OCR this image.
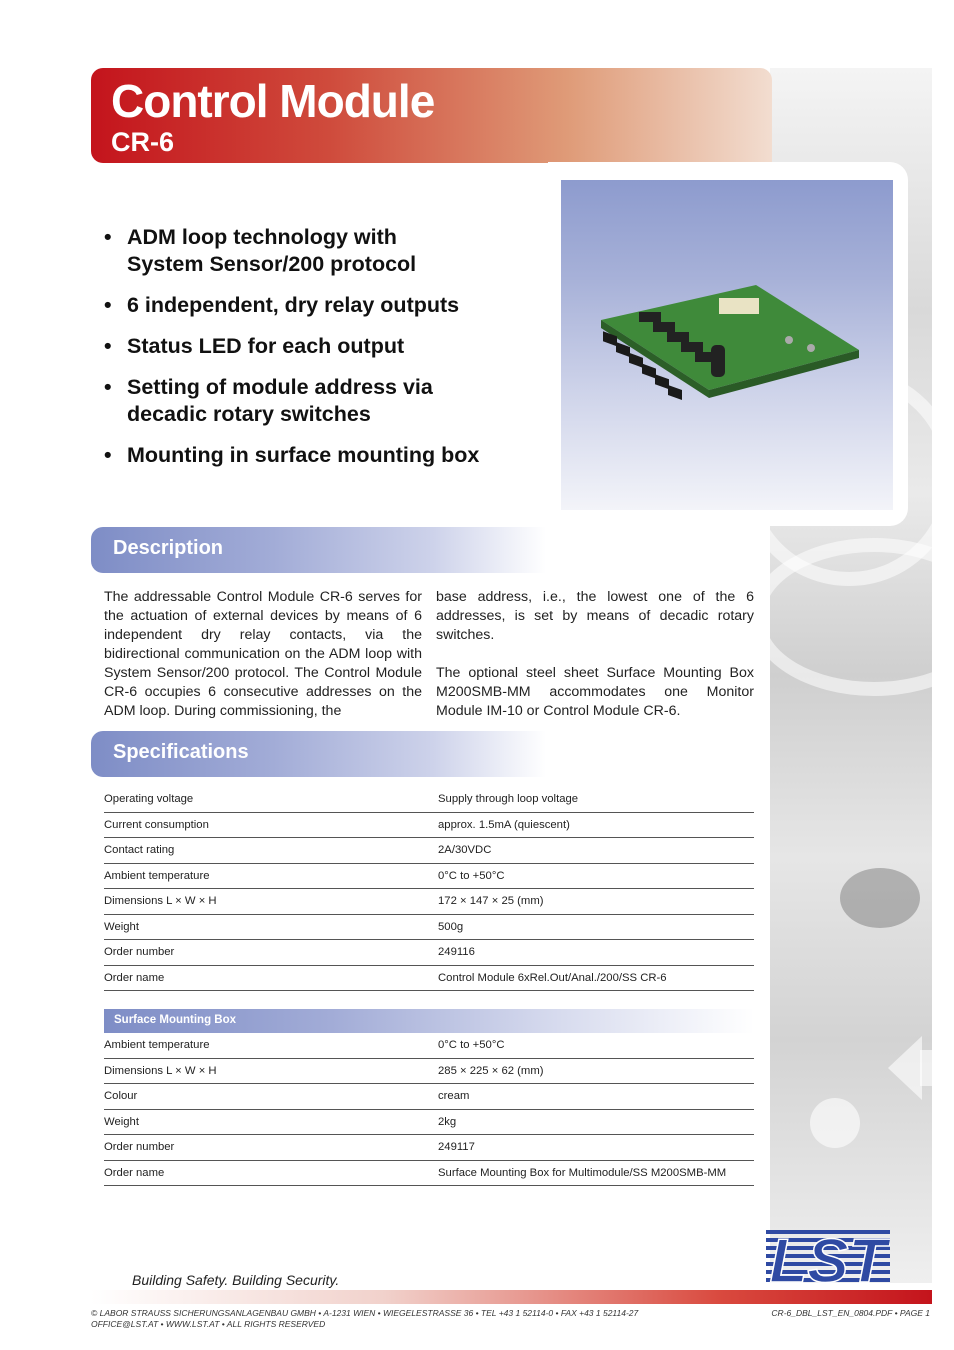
Control Module
CR-6
• ADM loop technology with
System Sensor/200 protocol
• 6 independent, dry relay outputs
• Status LED for each output
• Setting of module address via
decadic rotary switches
• Mounting in surface mounting box
Description

The addressable Control Module CR-6 serves for the actuation of external devices by means of 6 independent dry relay contacts, via the bidirectional communication on the ADM loop with System Sensor/200 protocol. The Control Module CR-6 occupies 6 consecutive addresses on the ADM loop. During commissioning, the

base address, i.e., the lowest one of the 6 addresses, is set by means of decadic rotary switches.

The optional steel sheet Surface Mounting Box M200SMB-MM accommodates one Monitor Module IM-10 or Control Module CR-6.

Specifications
Operating voltage	Supply through loop voltage
Current consumption	approx. 1.5mA (quiescent)
Contact rating	2A/30VDC
Ambient temperature	0°C to +50°C
Dimensions L × W × H	172 × 147 × 25 (mm)
Weight	500g
Order number	249116
Order name	Control Module 6xRel.Out/Anal./200/SS CR-6
Surface Mounting Box
Ambient temperature	0°C to +50°C
Dimensions L × W × H	285 × 225 × 62 (mm)
Colour	cream
Weight	2kg
Order number	249117
Order name	Surface Mounting Box for Multimodule/SS M200SMB-MM
Building Safety. Building Security.	LST
© LABOR STRAUSS SICHERUNGSANLAGENBAU GMBH • A-1231 WIEN • WIEGELESTRASSE 36 • TEL +43 1 52114-0 • FAX +43 1 52114-27
OFFICE@LST.AT • WWW.LST.AT • ALL RIGHTS RESERVED
CR-6_DBL_LST_EN_0804.PDF • PAGE 1
